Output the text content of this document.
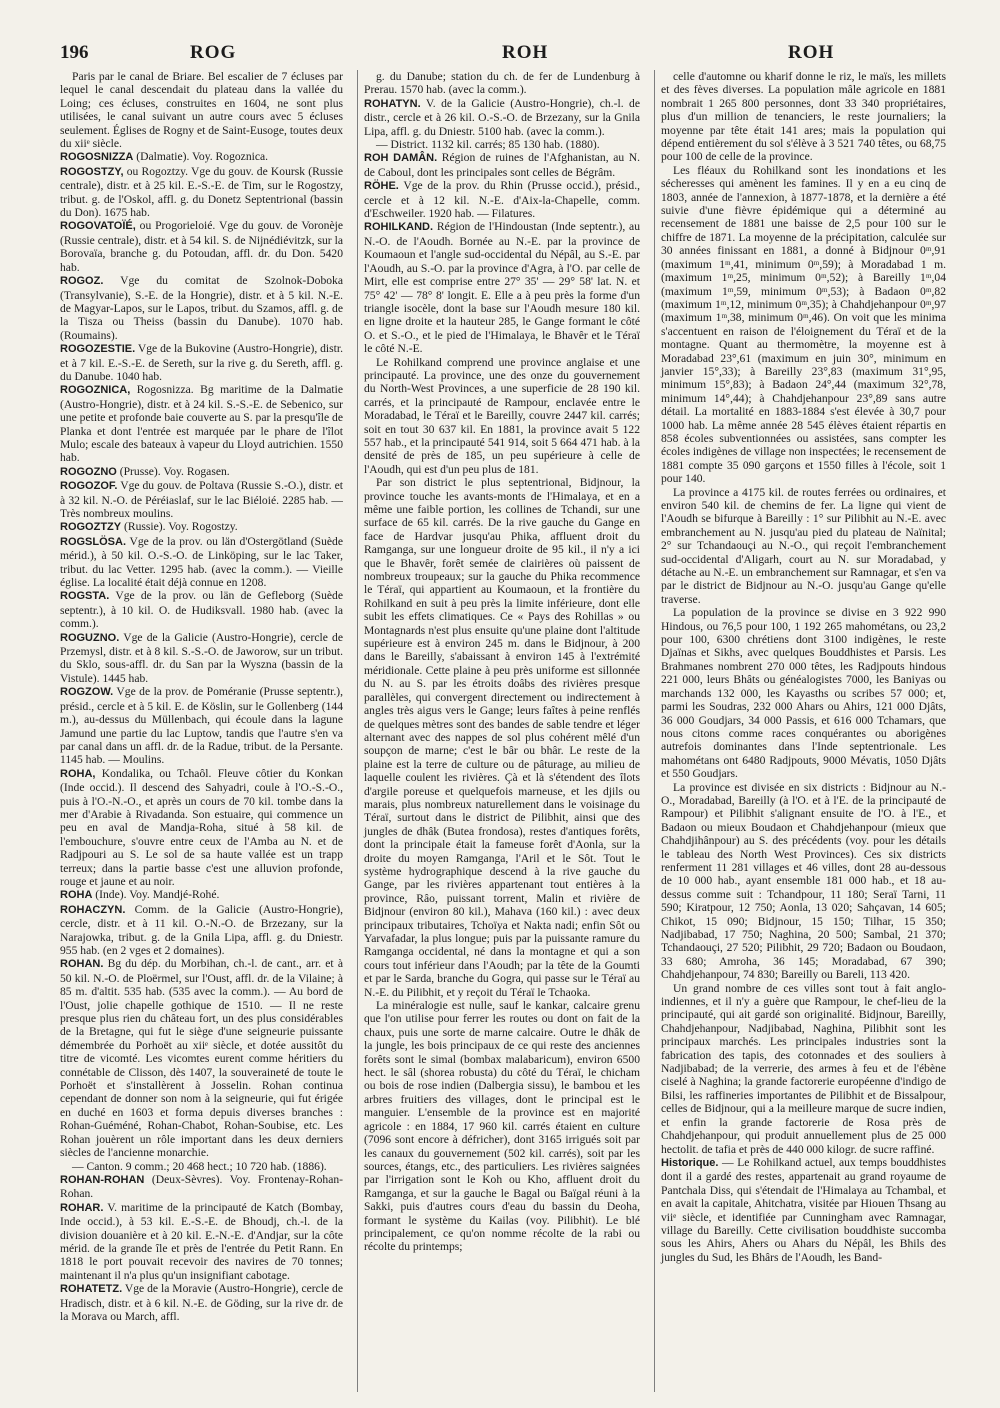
196	ROG	ROH	ROH

Paris par le canal de Briare. Bel escalier de 7 écluses par lequel le canal descendait du plateau dans la vallée du Loing; ces écluses, construites en 1604, ne sont plus utilisées, le canal suivant un autre cours avec 5 écluses seulement. Églises de Rogny et de Saint-Eusoge, toutes deux du xiiᵉ siècle.

ROGOSNIZZA (Dalmatie). Voy. Rogoznica.

ROGOSTZY, ou Rogoztzy. Vge du gouv. de Koursk (Russie centrale), distr. et à 25 kil. E.-S.-E. de Tim, sur le Rogostzy, tribut. g. de l'Oskol, affl. g. du Donetz Septentrional (bassin du Don). 1675 hab.

ROGOVATOÏÉ, ou Progorieloié. Vge du gouv. de Voronèje (Russie centrale), distr. et à 54 kil. S. de Nijnédiévitzk, sur la Borovaïa, branche g. du Potoudan, affl. dr. du Don. 5420 hab.

ROGOZ. Vge du comitat de Szolnok-Doboka (Transylvanie), S.-E. de la Hongrie), distr. et à 5 kil. N.-E. de Magyar-Lapos, sur le Lapos, tribut. du Szamos, affl. g. de la Tisza ou Theiss (bassin du Danube). 1070 hab. (Roumains).

ROGOZESTIE. Vge de la Bukovine (Austro-Hongrie), distr. et à 7 kil. E.-S.-E. de Sereth, sur la rive g. du Sereth, affl. g. du Danube. 1040 hab.

ROGOZNICA, Rogosnizza. Bg maritime de la Dalmatie (Austro-Hongrie), distr. et à 24 kil. S.-S.-E. de Sebenico, sur une petite et profonde baie couverte au S. par la presqu'île de Planka et dont l'entrée est marquée par le phare de l'îlot Mulo; escale des bateaux à vapeur du Lloyd autrichien. 1550 hab.

ROGOZNO (Prusse). Voy. Rogasen.

ROGOZOF. Vge du gouv. de Poltava (Russie S.-O.), distr. et à 32 kil. N.-O. de Péréiaslaf, sur le lac Biéloié. 2285 hab. — Très nombreux moulins.

ROGOZTZY (Russie). Voy. Rogostzy.

ROGSLÖSA. Vge de la prov. ou län d'Ostergötland (Suède mérid.), à 50 kil. O.-S.-O. de Linköping, sur le lac Taker, tribut. du lac Vetter. 1295 hab. (avec la comm.). — Vieille église. La localité était déjà connue en 1208.

ROGSTA. Vge de la prov. ou län de Gefleborg (Suède septentr.), à 10 kil. O. de Hudiksvall. 1980 hab. (avec la comm.).

ROGUZNO. Vge de la Galicie (Austro-Hongrie), cercle de Przemysl, distr. et à 8 kil. S.-S.-O. de Jaworow, sur un tribut. du Sklo, sous-affl. dr. du San par la Wyszna (bassin de la Vistule). 1445 hab.

ROGZOW. Vge de la prov. de Poméranie (Prusse septentr.), présid., cercle et à 5 kil. E. de Köslin, sur le Gollenberg (144 m.), au-dessus du Müllenbach, qui écoule dans la lagune Jamund une partie du lac Luptow, tandis que l'autre s'en va par canal dans un affl. dr. de la Radue, tribut. de la Persante. 1145 hab. — Moulins.

ROHA, Kondalika, ou Tchaôl. Fleuve côtier du Konkan (Inde occid.). Il descend des Sahyadri, coule à l'O.-S.-O., puis à l'O.-N.-O., et après un cours de 70 kil. tombe dans la mer d'Arabie à Rivadanda. Son estuaire, qui commence un peu en aval de Mandja-Roha, situé à 58 kil. de l'embouchure, s'ouvre entre ceux de l'Amba au N. et de Radjpouri au S. Le sol de sa haute vallée est un trapp terreux; dans la partie basse c'est une alluvion profonde, rouge et jaune et au noir.

ROHA (Inde). Voy. Mandjé-Rohé.

ROHACZYN. Comm. de la Galicie (Austro-Hongrie), cercle, distr. et à 11 kil. O.-N.-O. de Brzezany, sur la Narajowka, tribut. g. de la Gnila Lipa, affl. g. du Dniestr. 955 hab. (en 2 vges et 2 domaines).

ROHAN. Bg du dép. du Morbihan, ch.-l. de cant., arr. et à 50 kil. N.-O. de Ploërmel, sur l'Oust, affl. dr. de la Vilaine; à 85 m. d'altit. 535 hab. (535 avec la comm.). — Au bord de l'Oust, jolie chapelle gothique de 1510. — Il ne reste presque plus rien du château fort, un des plus considérables de la Bretagne, qui fut le siège d'une seigneurie puissante démembrée du Porhoët au xiiᵉ siècle, et dotée aussitôt du titre de vicomté. Les vicomtes eurent comme héritiers du connétable de Clisson, dès 1407, la souveraineté de toute le Porhoët et s'installèrent à Josselin. Rohan continua cependant de donner son nom à la seigneurie, qui fut érigée en duché en 1603 et forma depuis diverses branches : Rohan-Guéméné, Rohan-Chabot, Rohan-Soubise, etc. Les Rohan jouèrent un rôle important dans les deux derniers siècles de l'ancienne monarchie.

— Canton. 9 comm.; 20 468 hect.; 10 720 hab. (1886).

ROHAN-ROHAN (Deux-Sèvres). Voy. Frontenay-Rohan-Rohan.

ROHAR. V. maritime de la principauté de Katch (Bombay, Inde occid.), à 53 kil. E.-S.-E. de Bhoudj, ch.-l. de la division douanière et à 20 kil. E.-N.-E. d'Andjar, sur la côte mérid. de la grande île et près de l'entrée du Petit Rann. En 1818 le port pouvait recevoir des navires de 70 tonnes; maintenant il n'a plus qu'un insignifiant cabotage.

ROHATETZ. Vge de la Moravie (Austro-Hongrie), cercle de Hradisch, distr. et à 6 kil. N.-E. de Göding, sur la rive dr. de la Morava ou March, affl.

g. du Danube; station du ch. de fer de Lundenburg à Prerau. 1570 hab. (avec la comm.).

ROHATYN. V. de la Galicie (Austro-Hongrie), ch.-l. de distr., cercle et à 26 kil. O.-S.-O. de Brzezany, sur la Gnila Lipa, affl. g. du Dniestr. 5100 hab. (avec la comm.).

— District. 1132 kil. carrés; 85 130 hab. (1880).

ROH DAMÂN. Région de ruines de l'Afghanistan, au N. de Caboul, dont les principales sont celles de Bégrâm.

RÖHE. Vge de la prov. du Rhin (Prusse occid.), présid., cercle et à 12 kil. N.-E. d'Aix-la-Chapelle, comm. d'Eschweiler. 1920 hab. — Filatures.

ROHILKAND. Région de l'Hindoustan (Inde septentr.), au N.-O. de l'Aoudh. Bornée au N.-E. par la province de Koumaoun et l'angle sud-occidental du Népâl, au S.-E. par l'Aoudh, au S.-O. par la province d'Agra, à l'O. par celle de Mirt, elle est comprise entre 27° 35' — 29° 58' lat. N. et 75° 42' — 78° 8' longit. E. Elle a à peu près la forme d'un triangle isocèle, dont la base sur l'Aoudh mesure 180 kil. en ligne droite et la hauteur 285, le Gange formant le côté O. et S.-O., et le pied de l'Himalaya, le Bhavêr et le Téraï le côté N.-E.

Le Rohilkand comprend une province anglaise et une principauté. La province, une des onze du gouvernement du North-West Provinces, a une superficie de 28 190 kil. carrés, et la principauté de Rampour, enclavée entre le Moradabad, le Téraï et le Bareilly, couvre 2447 kil. carrés; soit en tout 30 637 kil. En 1881, la province avait 5 122 557 hab., et la principauté 541 914, soit 5 664 471 hab. à la densité de près de 185, un peu supérieure à celle de l'Aoudh, qui est d'un peu plus de 181.

Par son district le plus septentrional, Bidjnour, la province touche les avants-monts de l'Himalaya, et en a même une faible portion, les collines de Tchandi, sur une surface de 65 kil. carrés. De la rive gauche du Gange en face de Hardvar jusqu'au Phika, affluent droit du Ramganga, sur une longueur droite de 95 kil., il n'y a ici que le Bhavêr, forêt semée de clairières où paissent de nombreux troupeaux; sur la gauche du Phika recommence le Téraï, qui appartient au Koumaoun, et la frontière du Rohilkand en suit à peu près la limite inférieure, dont elle subit les effets climatiques. Ce « Pays des Rohillas » ou Montagnards n'est plus ensuite qu'une plaine dont l'altitude supérieure est à environ 245 m. dans le Bidjnour, à 200 dans le Bareilly, s'abaissant à environ 145 à l'extrémité méridionale. Cette plaine à peu près uniforme est sillonnée du N. au S. par les étroits doâbs des rivières presque parallèles, qui convergent directement ou indirectement à angles très aigus vers le Gange; leurs faîtes à peine renflés de quelques mètres sont des bandes de sable tendre et léger alternant avec des nappes de sol plus cohérent mêlé d'un soupçon de marne; c'est le bâr ou bhâr. Le reste de la plaine est la terre de culture ou de pâturage, au milieu de laquelle coulent les rivières. Çà et là s'étendent des îlots d'argile poreuse et quelquefois marneuse, et les djils ou marais, plus nombreux naturellement dans le voisinage du Téraï, surtout dans le district de Pilibhit, ainsi que des jungles de dhâk (Butea frondosa), restes d'antiques forêts, dont la principale était la fameuse forêt d'Aonla, sur la droite du moyen Ramganga, l'Aril et le Sôt. Tout le système hydrographique descend à la rive gauche du Gange, par les rivières appartenant tout entières à la province, Râo, puissant torrent, Malin et rivière de Bidjnour (environ 80 kil.), Mahava (160 kil.) : avec deux principaux tributaires, Tchoïya et Nakta nadi; enfin Sôt ou Yarvafadar, la plus longue; puis par la puissante ramure du Ramganga occidental, né dans la montagne et qui a son cours tout inférieur dans l'Aoudh; par la tête de la Goumti et par le Sarda, branche du Gogra, qui passe sur le Téraï au N.-E. du Pilibhit, et y reçoit du Téraï le Tchaoka.

La minéralogie est nulle, sauf le kankar, calcaire grenu que l'on utilise pour ferrer les routes ou dont on fait de la chaux, puis une sorte de marne calcaire. Outre le dhâk de la jungle, les bois principaux de ce qui reste des anciennes forêts sont le simal (bombax malabaricum), environ 6500 hect. le sâl (shorea robusta) du côté du Téraï, le chicham ou bois de rose indien (Dalbergia sissu), le bambou et les arbres fruitiers des villages, dont le principal est le manguier. L'ensemble de la province est en majorité agricole : en 1884, 17 960 kil. carrés étaient en culture (7096 sont encore à défricher), dont 3165 irrigués soit par les canaux du gouvernement (502 kil. carrés), soit par les sources, étangs, etc., des particuliers. Les rivières saignées par l'irrigation sont le Koh ou Kho, affluent droit du Ramganga, et sur la gauche le Bagal ou Baïgal réuni à la Sakki, puis d'autres cours d'eau du bassin du Deoha, formant le système du Kailas (voy. Pilibhit). Le blé principalement, ce qu'on nomme récolte de la rabi ou récolte du printemps;

celle d'automne ou kharif donne le riz, le maïs, les millets et des fèves diverses. La population mâle agricole en 1881 nombrait 1 265 800 personnes, dont 33 340 propriétaires, plus d'un million de tenanciers, le reste journaliers; la moyenne par tête était 141 ares; mais la population qui dépend entièrement du sol s'élève à 3 521 740 têtes, ou 68,75 pour 100 de celle de la province.

Les fléaux du Rohilkand sont les inondations et les sécheresses qui amènent les famines. Il y en a eu cinq de 1803, année de l'annexion, à 1877-1878, et la dernière a été suivie d'une fièvre épidémique qui a déterminé au recensement de 1881 une baisse de 2,5 pour 100 sur le chiffre de 1871. La moyenne de la précipitation, calculée sur 30 années finissant en 1881, a donné à Bidjnour 0ᵐ,91 (maximum 1ᵐ,41, minimum 0ᵐ,59); à Moradabad 1 m. (maximum 1ᵐ,25, minimum 0ᵐ,52); à Bareilly 1ᵐ,04 (maximum 1ᵐ,59, minimum 0ᵐ,53); à Badaon 0ᵐ,82 (maximum 1ᵐ,12, minimum 0ᵐ,35); à Chahdjehanpour 0ᵐ,97 (maximum 1ᵐ,38, minimum 0ᵐ,46). On voit que les minima s'accentuent en raison de l'éloignement du Téraï et de la montagne. Quant au thermomètre, la moyenne est à Moradabad 23°,61 (maximum en juin 30°, minimum en janvier 15°,33); à Bareilly 23°,83 (maximum 31°,95, minimum 15°,83); à Badaon 24°,44 (maximum 32°,78, minimum 14°,44); à Chahdjehanpour 23°,89 sans autre détail. La mortalité en 1883-1884 s'est élevée à 30,7 pour 1000 hab. La même année 28 545 élèves étaient répartis en 858 écoles subventionnées ou assistées, sans compter les écoles indigènes de village non inspectées; le recensement de 1881 compte 35 090 garçons et 1550 filles à l'école, soit 1 pour 140.

La province a 4175 kil. de routes ferrées ou ordinaires, et environ 540 kil. de chemins de fer. La ligne qui vient de l'Aoudh se bifurque à Bareilly : 1° sur Pilibhit au N.-E. avec embranchement au N. jusqu'au pied du plateau de Naïnital; 2° sur Tchandaouçi au N.-O., qui reçoit l'embranchement sud-occidental d'Aligarh, court au N. sur Moradabad, y détache au N.-E. un embranchement sur Ramnagar, et s'en va par le district de Bidjnour au N.-O. jusqu'au Gange qu'elle traverse.

La population de la province se divise en 3 922 990 Hindous, ou 76,5 pour 100, 1 192 265 mahométans, ou 23,2 pour 100, 6300 chrétiens dont 3100 indigènes, le reste Djaïnas et Sikhs, avec quelques Bouddhistes et Parsis. Les Brahmanes nombrent 270 000 têtes, les Radjpouts hindous 221 000, leurs Bhâts ou généalogistes 7000, les Baniyas ou marchands 132 000, les Kayasths ou scribes 57 000; et, parmi les Soudras, 232 000 Ahars ou Ahirs, 121 000 Djâts, 36 000 Goudjars, 34 000 Passis, et 616 000 Tchamars, que nous citons comme races conquérantes ou aborigènes autrefois dominantes dans l'Inde septentrionale. Les mahométans ont 6480 Radjpouts, 9000 Mévatis, 1050 Djâts et 550 Goudjars.

La province est divisée en six districts : Bidjnour au N.-O., Moradabad, Bareilly (à l'O. et à l'E. de la principauté de Rampour) et Pilibhit s'alignant ensuite de l'O. à l'E., et Badaon ou mieux Boudaon et Chahdjehanpour (mieux que Chahdjihânpour) au S. des précédents (voy. pour les détails le tableau des North West Provinces). Ces six districts renferment 11 281 villages et 46 villes, dont 28 au-dessous de 10 000 hab., ayant ensemble 181 000 hab., et 18 au-dessus comme suit : Tchandpour, 11 180; Seraï Tarni, 11 590; Kiratpour, 12 750; Aonla, 13 020; Sahçavan, 14 605; Chikot, 15 090; Bidjnour, 15 150; Tilhar, 15 350; Nadjibabad, 17 750; Naghina, 20 500; Sambal, 21 370; Tchandaouçi, 27 520; Pilibhit, 29 720; Badaon ou Boudaon, 33 680; Amroha, 36 145; Moradabad, 67 390; Chahdjehanpour, 74 830; Bareilly ou Bareli, 113 420.

Un grand nombre de ces villes sont tout à fait anglo-indiennes, et il n'y a guère que Rampour, le chef-lieu de la principauté, qui ait gardé son originalité. Bidjnour, Bareilly, Chahdjehanpour, Nadjibabad, Naghina, Pilibhit sont les principaux marchés. Les principales industries sont la fabrication des tapis, des cotonnades et des souliers à Nadjibabad; de la verrerie, des armes à feu et de l'ébène ciselé à Naghina; la grande factorerie européenne d'indigo de Bilsi, les raffineries importantes de Pilibhit et de Bissalpour, celles de Bidjnour, qui a la meilleure marque de sucre indien, et enfin la grande factorerie de Rosa près de Chahdjehanpour, qui produit annuellement plus de 25 000 hectolit. de tafia et près de 440 000 kilogr. de sucre raffiné.

Historique. — Le Rohilkand actuel, aux temps bouddhistes dont il a gardé des restes, appartenait au grand royaume de Pantchala Diss, qui s'étendait de l'Himalaya au Tchambal, et en avait la capitale, Ahitchatra, visitée par Hiouen Thsang au viiᵉ siècle, et identifiée par Cunningham avec Ramnagar, village du Bareilly. Cette civilisation bouddhiste succomba sous les Ahirs, Ahers ou Ahars du Népâl, les Bhils des jungles du Sud, les Bhârs de l'Aoudh, les Band-
